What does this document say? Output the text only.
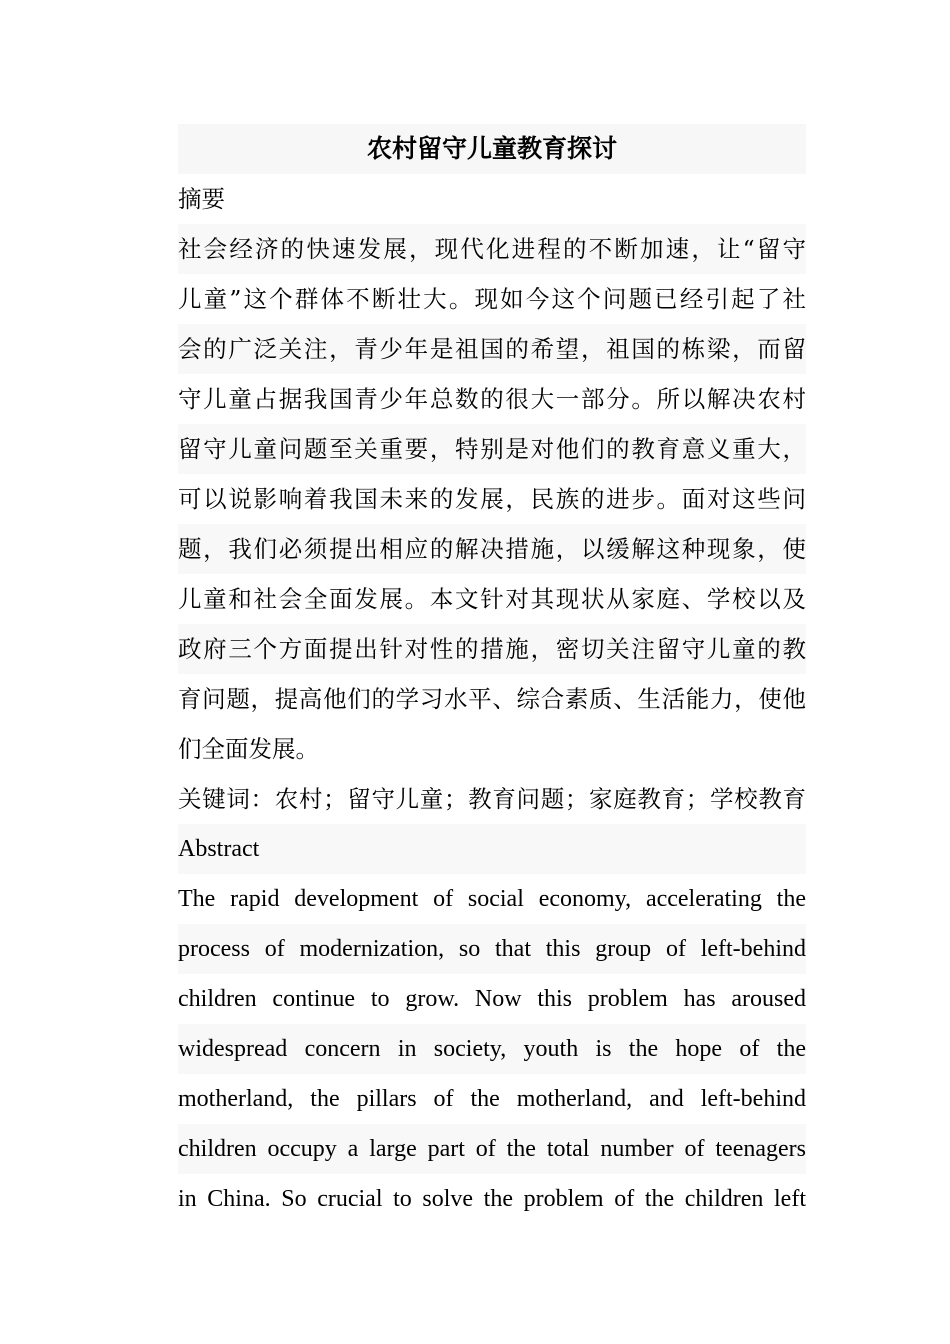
农村留守儿童教育探讨
摘要
社会经济的快速发展，现代化进程的不断加速，让“留守
儿童”这个群体不断壮大。现如今这个问题已经引起了社
会的广泛关注，青少年是祖国的希望，祖国的栋梁，而留
守儿童占据我国青少年总数的很大一部分。所以解决农村
留守儿童问题至关重要，特别是对他们的教育意义重大，
可以说影响着我国未来的发展，民族的进步。面对这些问
题，我们必须提出相应的解决措施，以缓解这种现象，使
儿童和社会全面发展。本文针对其现状从家庭、学校以及
政府三个方面提出针对性的措施，密切关注留守儿童的教
育问题，提高他们的学习水平、综合素质、生活能力，使他
们全面发展。
关键词：农村；留守儿童；教育问题；家庭教育；学校教育
Abstract
The rapid development of social economy, accelerating the
process of modernization, so that this group of left-behind
children continue to grow. Now this problem has aroused
widespread concern in society, youth is the hope of the
motherland, the pillars of the motherland, and left-behind
children occupy a large part of the total number of teenagers
in China. So crucial to solve the problem of the children left
